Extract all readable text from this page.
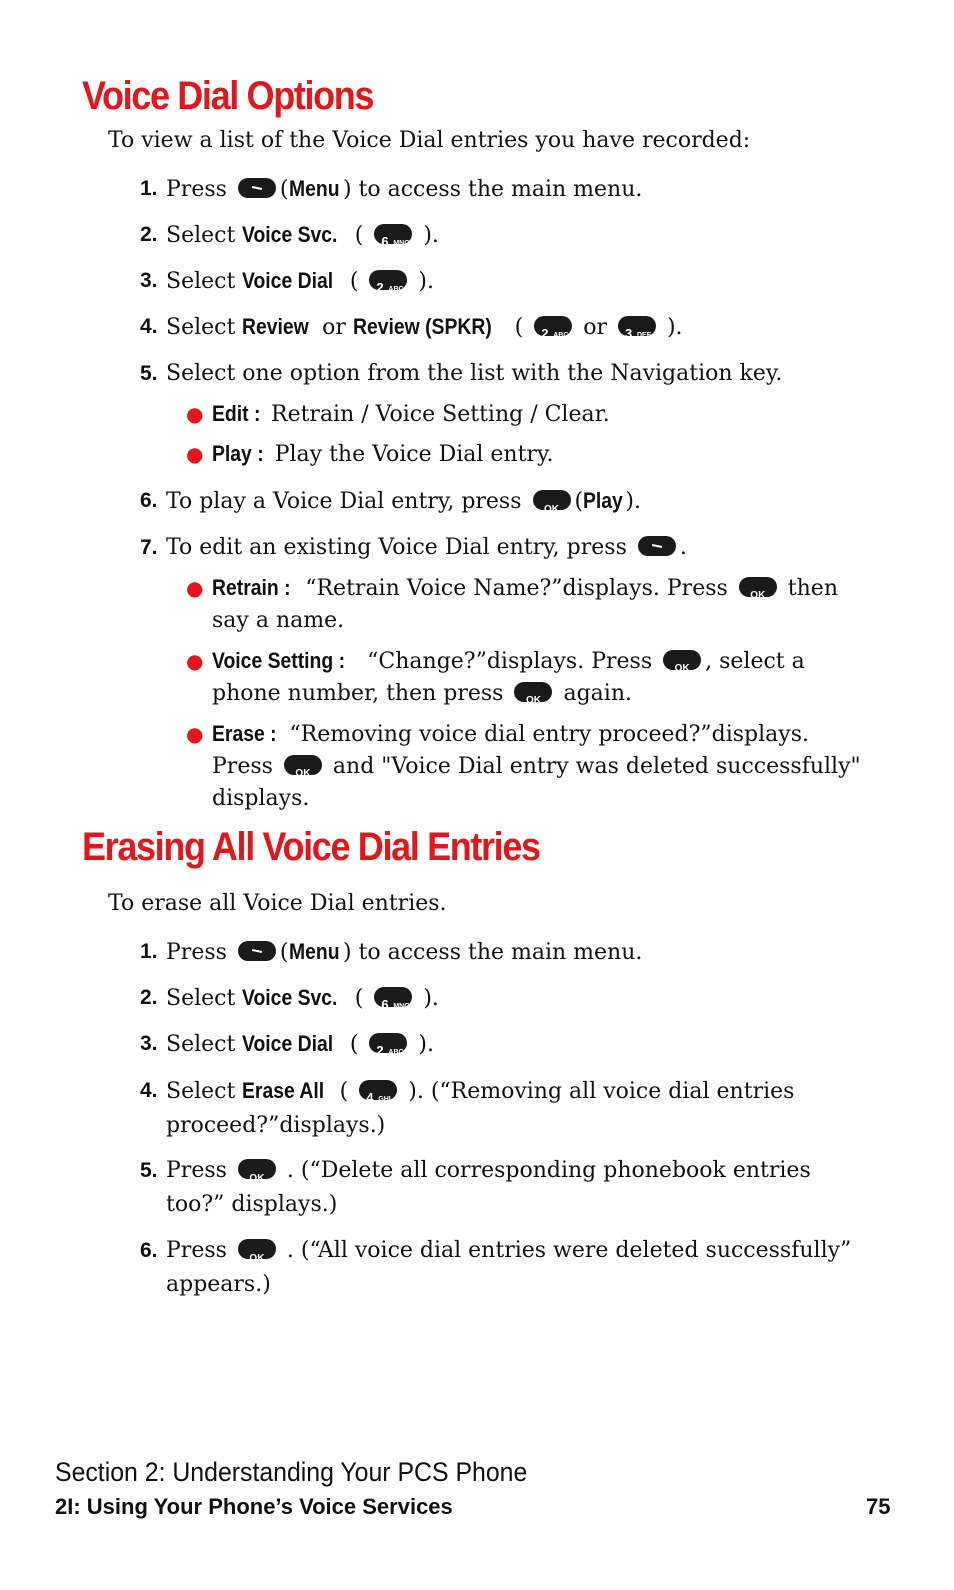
Voice Dial Options
To view a list of the Voice Dial entries you have recorded:
1. Press (Menu ) to access the main menu.
2. Select Voice Svc. ( 6 MNO ).
3. Select Voice Dial ( 2 ABC ).
4. Select Review or Review (SPKR) ( 2 ABC or 3 DEF ).
5. Select one option from the list with the Navigation key.
● Edit : Retrain / Voice Setting / Clear.
● Play : Play the Voice Dial entry.
6. To play a Voice Dial entry, press	OK (Play ).
7. To edit an existing Voice Dial entry, press .
● Retrain : “Retrain Voice Name?”displays. Press	OK	then say a name.
● Voice Setting : “Change?”displays. Press	OK , select a phone number, then press	OK	again.
● Erase : “Removing voice dial entry proceed?”displays.
Press	OK	and "Voice Dial entry was deleted successfully" displays.
Erasing All Voice Dial Entries
To erase all Voice Dial entries.
1. Press (Menu ) to access the main menu.
2. Select Voice Svc. ( 6 MNO ).
3. Select Voice Dial ( 2 ABC ).
4. Select Erase All ( 4 GHI ). (“Removing all voice dial entries proceed?”displays.)
5. Press	OK	. (“Delete all corresponding phonebook entries too?” displays.)
6. Press	OK	. (“All voice dial entries were deleted successfully” appears.)
Section 2: Understanding Your PCS Phone
2I: Using Your Phone’s Voice Services	75
